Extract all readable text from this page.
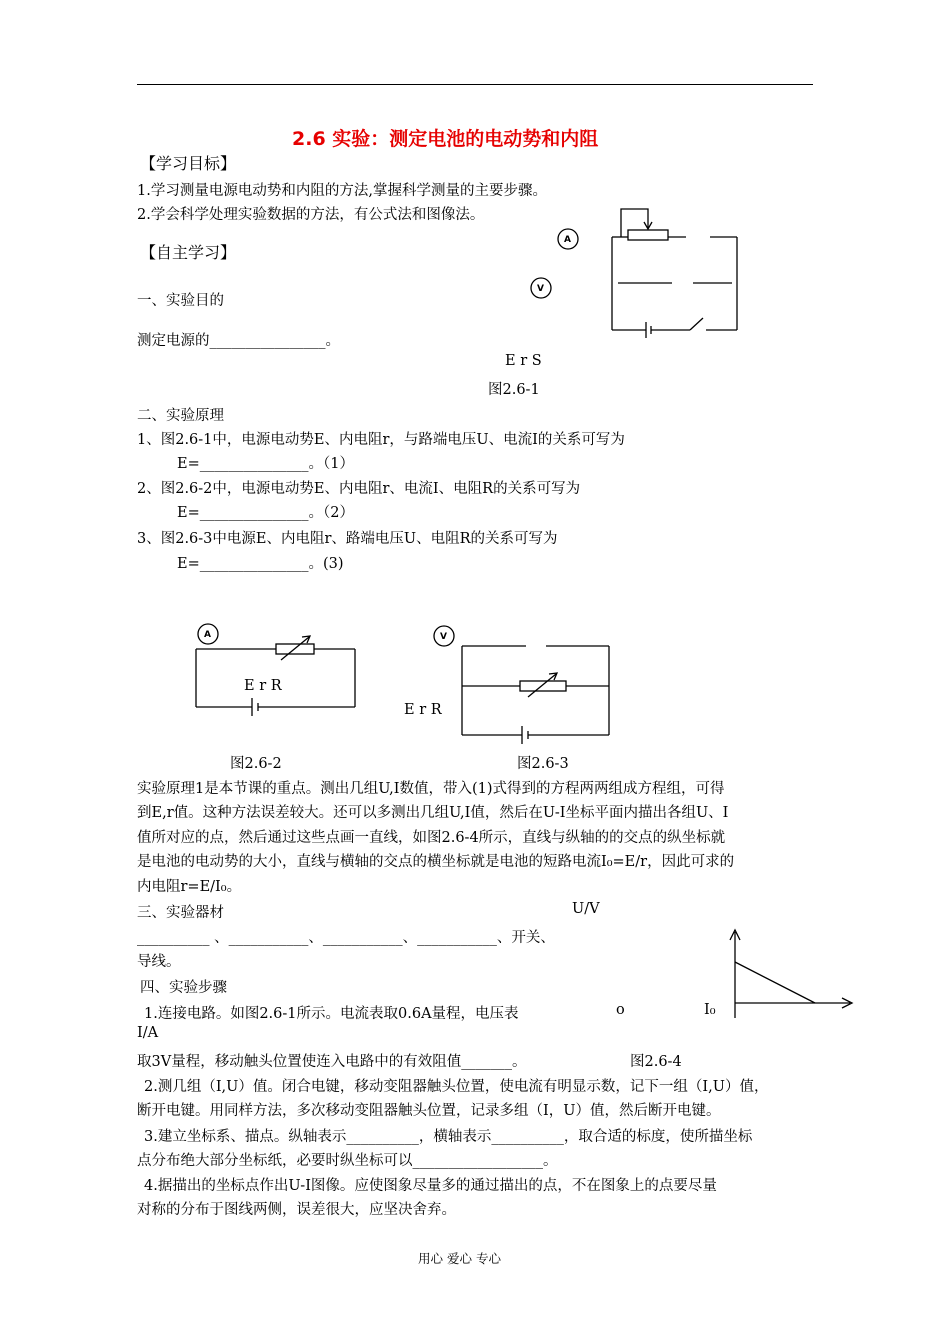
2.6 实验：测定电池的电动势和内阻
【学习目标】
1.学习测量电源电动势和内阻的方法,掌握科学测量的主要步骤。
2.学会科学处理实验数据的方法，有公式法和图像法。
【自主学习】
一、实验目的
测定电源的________________。
A
V
E r S
图2.6-1
二、实验原理
1、图2.6-1中，电源电动势E、内电阻r，与路端电压U、电流I的关系可写为
E=_______________。（1）
2、图2.6-2中，电源电动势E、内电阻r、电流I、电阻R的关系可写为
E=_______________。（2）
3、图2.6-3中电源E、内电阻r、路端电压U、电阻R的关系可写为
E=_______________。(3)
A
E r R
图2.6-2
V
E r R
图2.6-3
实验原理1是本节课的重点。测出几组U,I数值，带入(1)式得到的方程两两组成方程组，可得
到E,r值。这种方法误差较大。还可以多测出几组U,I值，然后在U-I坐标平面内描出各组U、I
值所对应的点，然后通过这些点画一直线，如图2.6-4所示，直线与纵轴的的交点的纵坐标就
是电池的电动势的大小，直线与横轴的交点的横坐标就是电池的短路电流I₀=E/r，因此可求的
内电阻r=E/I₀。
三、实验器材
__________ 、___________、___________、___________、开关、
导线。
U/V
o	I₀
I/A
图2.6-4
四、实验步骤
1.连接电路。如图2.6-1所示。电流表取0.6A量程，电压表
取3V量程，移动触头位置使连入电路中的有效阻值_______。
2.测几组（I,U）值。闭合电键，移动变阻器触头位置，使电流有明显示数，记下一组（I,U）值，
断开电键。用同样方法，多次移动变阻器触头位置，记录多组（I，U）值，然后断开电键。
3.建立坐标系、描点。纵轴表示__________，横轴表示__________，取合适的标度，使所描坐标
点分布绝大部分坐标纸，必要时纵坐标可以__________________。
4.据描出的坐标点作出U-I图像。应使图象尽量多的通过描出的点，不在图象上的点要尽量
对称的分布于图线两侧，误差很大，应坚决舍弃。
用心 爱心 专心
